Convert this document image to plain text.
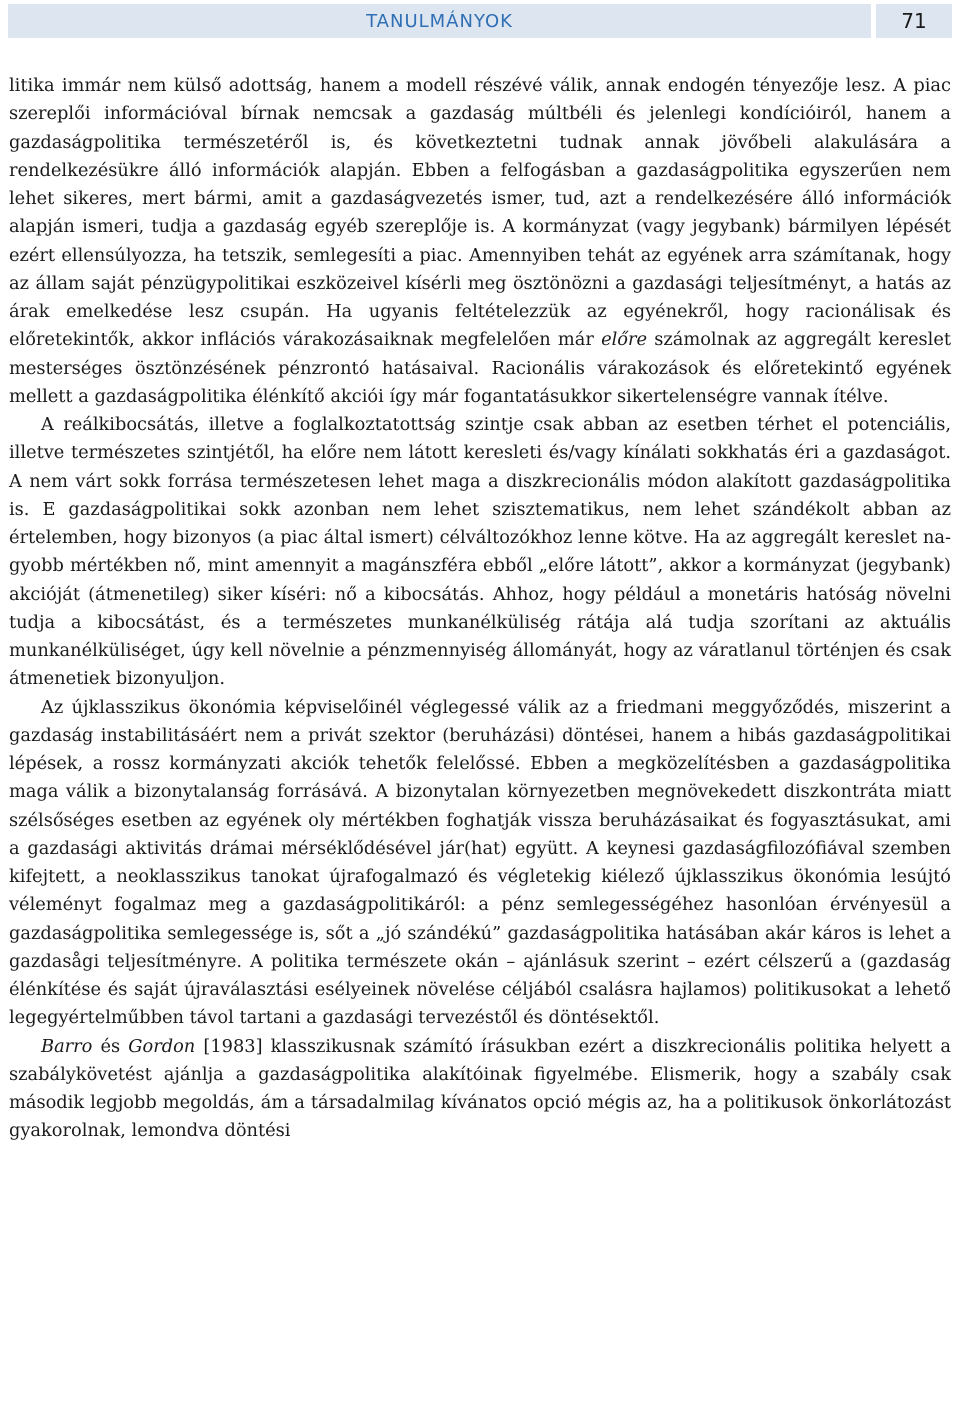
TANULMÁNYOK	71

litika immár nem külső adottság, hanem a modell részévé válik, annak endogén tényezője lesz. A piac szereplői információval bírnak nemcsak a gazdaság múltbéli és jelenlegi kondícióiról, hanem a gazdaságpolitika természetéről is, és következtetni tudnak annak jövőbeli alakulására a rendelkezésükre álló információk alapján. Ebben a felfogásban a gazdaságpolitika egyszerűen nem lehet sikeres, mert bármi, amit a gazdaságvezetés ismer, tud, azt a rendelkezésére álló információk alapján ismeri, tudja a gazdaság egyéb szereplője is. A kormányzat (vagy jegybank) bármilyen lépését ezért ellensúlyozza, ha tetszik, semlegesíti a piac. Amennyiben tehát az egyének arra számítanak, hogy az állam saját pénzügypolitikai eszközeivel kísérli meg ösztönözni a gazdasági teljesítményt, a hatás az árak emelkedése lesz csupán. Ha ugyanis feltételezzük az egyénekről, hogy racionálisak és előretekintők, akkor inflációs várakozásaiknak megfelelően már előre számolnak az aggregált kereslet mesterséges ösztönzésének pénzrontó hatásaival. Racionális várakozások és előretekintő egyének mellett a gazdaságpolitika élénkítő akciói így már fogantatásukkor sikertelenségre vannak ítélve.

A reálkibocsátás, illetve a foglalkoztatottság szintje csak abban az esetben térhet el potenciális, illetve természetes szintjétől, ha előre nem látott keresleti és/vagy kínálati sokkhatás éri a gazdaságot. A nem várt sokk forrása természetesen lehet maga a diszkrecionális módon alakított gazdaságpolitika is. E gazdaságpolitikai sokk azonban nem lehet szisztematikus, nem lehet szándékolt abban az értelemben, hogy bizonyos (a piac által ismert) célváltozókhoz lenne kötve. Ha az aggregált kereslet nagyobb mértékben nő, mint amennyit a magánszféra ebből „előre látott”, akkor a kormányzat (jegybank) akcióját (átmenetileg) siker kíséri: nő a kibocsátás. Ahhoz, hogy például a monetáris hatóság növelni tudja a kibocsátást, és a természetes munkanélküliség rátája alá tudja szorítani az aktuális munkanélküliséget, úgy kell növelnie a pénzmennyiség állományát, hogy az váratlanul történjen és csak átmenetiek bizonyuljon.

Az újklasszikus ökonómia képviselőinél véglegessé válik az a friedmani meggyőződés, miszerint a gazdaság instabilitásáért nem a privát szektor (beruházási) döntései, hanem a hibás gazdaságpolitikai lépések, a rossz kormányzati akciók tehetők felelőssé. Ebben a megközelítésben a gazdaságpolitika maga válik a bizonytalanság forrásává. A bizonytalan környezetben megnövekedett diszkontráta miatt szélsőséges esetben az egyének oly mértékben foghatják vissza beruházásaikat és fogyasztásukat, ami a gazdasági aktivitás drámai mérséklődésével jár(hat) együtt. A keynesi gazdaságfilozófiával szemben kifejtett, a neoklasszikus tanokat újrafogalmazó és végletekig kiélező újklasszikus ökonómia lesújtó véleményt fogalmaz meg a gazdaságpolitikáról: a pénz semlegességéhez hasonlóan érvényesül a gazdaságpolitika semlegessége is, sőt a „jó szándékú” gazdaságpolitika hatásában akár káros is lehet a gazdasågi teljesítményre. A politika természete okán – ajánlásuk szerint – ezért célszerű a (gazdaság élénkítése és saját újraválasztási esélyeinek növelése céljából csalásra hajlamos) politikusokat a lehető legegyértelműbben távol tartani a gazdasági tervezéstől és döntésektől.

Barro és Gordon [1983] klasszikusnak számító írásukban ezért a diszkrecionális politika helyett a szabálykövetést ajánlja a gazdaságpolitika alakítóinak figyelmébe. Elismerik, hogy a szabály csak második legjobb megoldás, ám a társadalmilag kívánatos opció mégis az, ha a politikusok önkorlátozást gyakorolnak, lemondva döntési
